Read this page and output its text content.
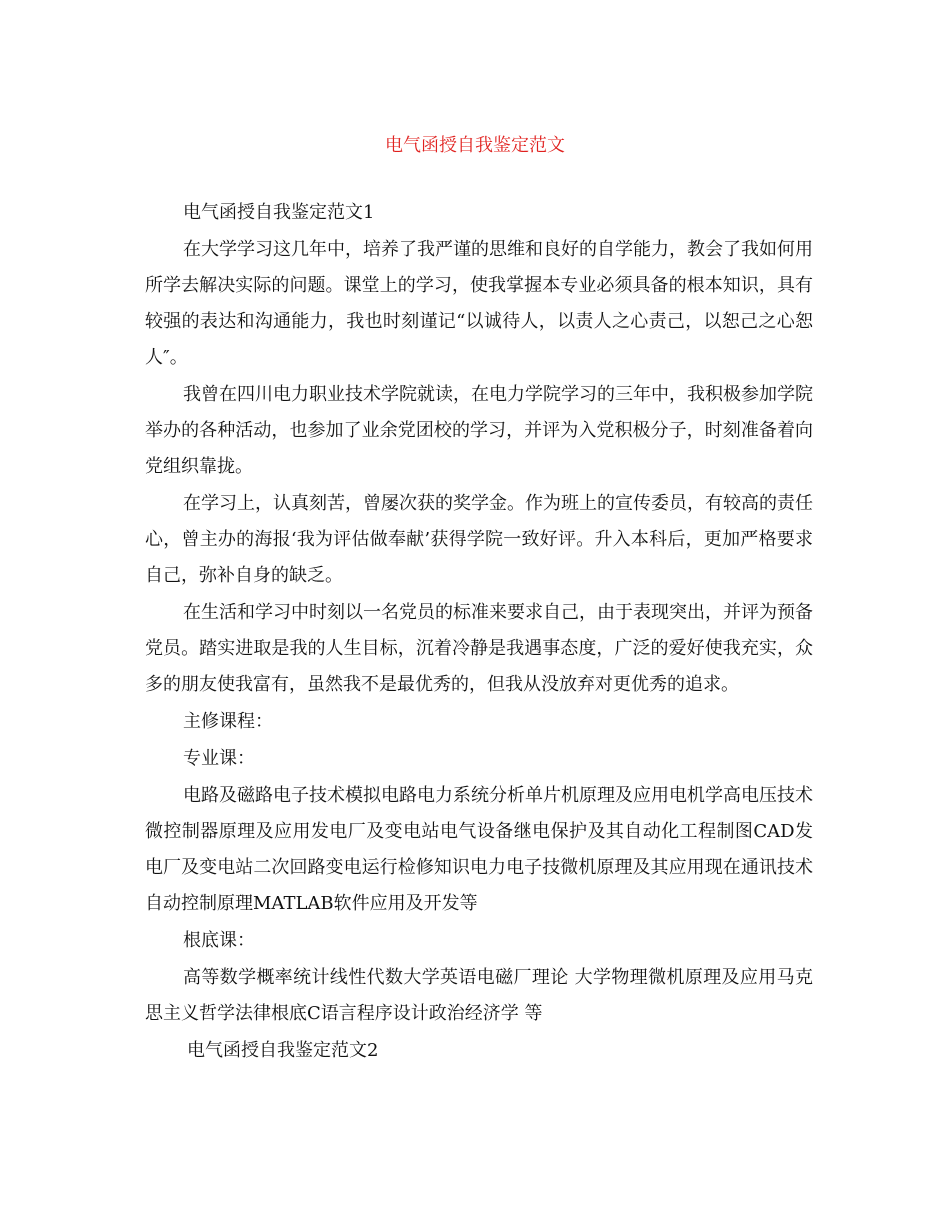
电气函授自我鉴定范文

电气函授自我鉴定范文1

在大学学习这几年中，培养了我严谨的思维和良好的自学能力，教会了我如何用所学去解决实际的问题。课堂上的学习，使我掌握本专业必须具备的根本知识，具有较强的表达和沟通能力，我也时刻谨记“以诚待人，以责人之心责己，以恕己之心恕人″。

我曾在四川电力职业技术学院就读，在电力学院学习的三年中，我积极参加学院举办的各种活动，也参加了业余党团校的学习，并评为入党积极分子，时刻准备着向党组织靠拢。

在学习上，认真刻苦，曾屡次获的奖学金。作为班上的宣传委员，有较高的责任心，曾主办的海报‘我为评估做奉献’获得学院一致好评。升入本科后，更加严格要求自己，弥补自身的缺乏。

在生活和学习中时刻以一名党员的标准来要求自己，由于表现突出，并评为预备党员。踏实进取是我的人生目标，沉着冷静是我遇事态度，广泛的爱好使我充实，众多的朋友使我富有，虽然我不是最优秀的，但我从没放弃对更优秀的追求。

主修课程：

专业课：

电路及磁路电子技术模拟电路电力系统分析单片机原理及应用电机学高电压技术微控制器原理及应用发电厂及变电站电气设备继电保护及其自动化工程制图CAD发电厂及变电站二次回路变电运行检修知识电力电子技微机原理及其应用现在通讯技术自动控制原理MATLAB软件应用及开发等

根底课：

高等数学概率统计线性代数大学英语电磁厂理论 大学物理微机原理及应用马克思主义哲学法律根底C语言程序设计政治经济学 等

电气函授自我鉴定范文2
